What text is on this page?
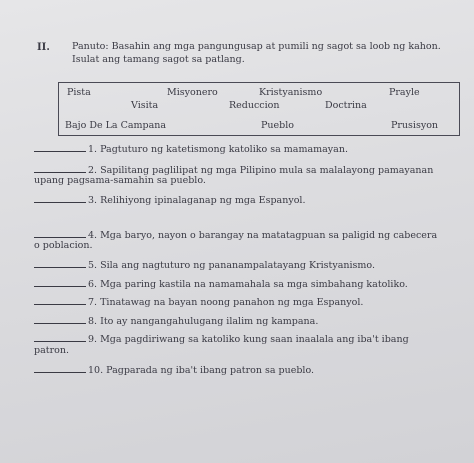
II. Panuto: Basahin ang mga pangungusap at pumili ng sagot sa loob ng kahon.
Isulat ang tamang sagot sa patlang.
Pista	Misyonero	Kristyanismo	Prayle
Visita	Reduccion	Doctrina
Bajo De La Campana	Pueblo	Prusisyon
1. Pagtuturo ng katetismong katoliko sa mamamayan.
2. Sapilitang paglilipat ng mga Pilipino mula sa malalayong pamayanan
upang pagsama-samahin sa pueblo.
3. Relihiyong ipinalaganap ng mga Espanyol.
4. Mga baryo, nayon o barangay na matatagpuan sa paligid ng cabecera
o poblacion.
5. Sila ang nagtuturo ng pananampalatayang Kristyanismo.
6. Mga paring kastila na namamahala sa mga simbahang katoliko.
7. Tinatawag na bayan noong panahon ng mga Espanyol.
8. Ito ay nangangahulugang ilalim ng kampana.
9. Mga pagdiriwang sa katoliko kung saan inaalala ang iba't ibang
patron.
10. Pagparada ng iba't ibang patron sa pueblo.
